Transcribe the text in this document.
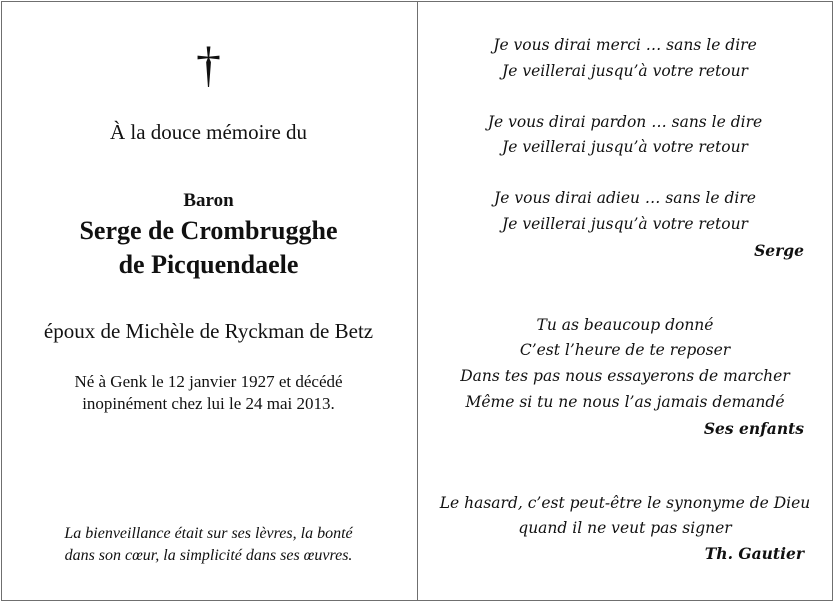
†
À la douce mémoire du
Baron
Serge de Crombrugghe
de Picquendaele
époux de Michèle de Ryckman de Betz
Né à Genk le 12 janvier 1927 et décédé
inopinément chez lui le 24 mai 2013.
La bienveillance était sur ses lèvres, la bonté
dans son cœur, la simplicité dans ses œuvres.
Je vous dirai merci … sans le dire
Je veillerai jusqu’à votre retour
Je vous dirai pardon … sans le dire
Je veillerai jusqu’à votre retour
Je vous dirai adieu … sans le dire
Je veillerai jusqu’à votre retour
Serge
Tu as beaucoup donné
C’est l’heure de te reposer
Dans tes pas nous essayerons de marcher
Même si tu ne nous l’as jamais demandé
Ses enfants
Le hasard, c’est peut-être le synonyme de Dieu
quand il ne veut pas signer
Th. Gautier
